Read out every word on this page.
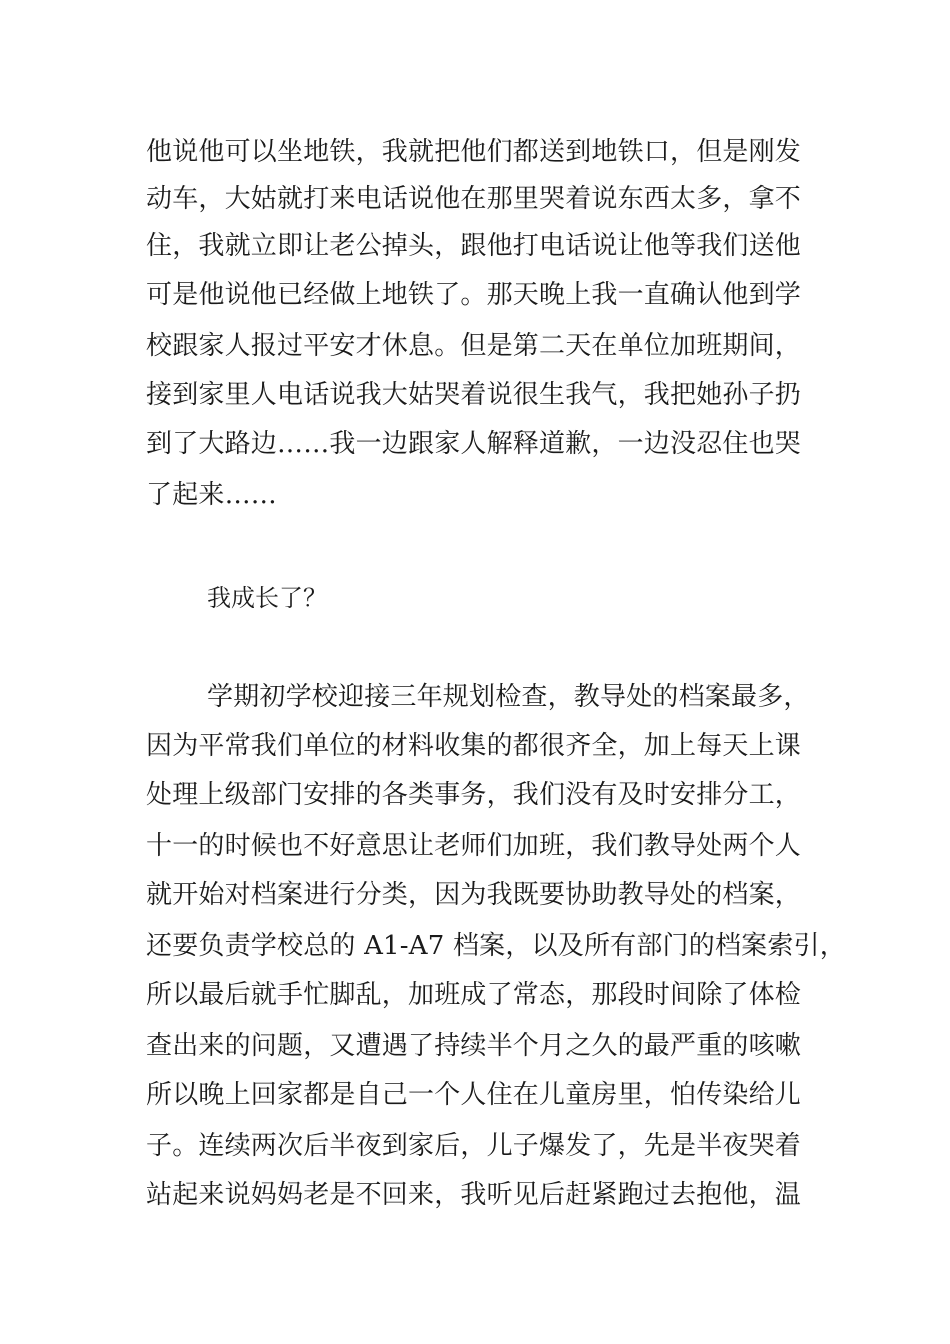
他说他可以坐地铁，我就把他们都送到地铁口，但是刚发
动车，大姑就打来电话说他在那里哭着说东西太多，拿不
住，我就立即让老公掉头，跟他打电话说让他等我们送他
可是他说他已经做上地铁了。那天晚上我一直确认他到学
校跟家人报过平安才休息。但是第二天在单位加班期间，
接到家里人电话说我大姑哭着说很生我气，我把她孙子扔
到了大路边……我一边跟家人解释道歉，一边没忍住也哭
了起来……
我成长了？
学期初学校迎接三年规划检查，教导处的档案最多，
因为平常我们单位的材料收集的都很齐全，加上每天上课
处理上级部门安排的各类事务，我们没有及时安排分工，
十一的时候也不好意思让老师们加班，我们教导处两个人
就开始对档案进行分类，因为我既要协助教导处的档案，
还要负责学校总的 A1-A7 档案，以及所有部门的档案索引，
所以最后就手忙脚乱，加班成了常态，那段时间除了体检
查出来的问题，又遭遇了持续半个月之久的最严重的咳嗽
所以晚上回家都是自己一个人住在儿童房里，怕传染给儿
子。连续两次后半夜到家后，儿子爆发了，先是半夜哭着
站起来说妈妈老是不回来，我听见后赶紧跑过去抱他，温
